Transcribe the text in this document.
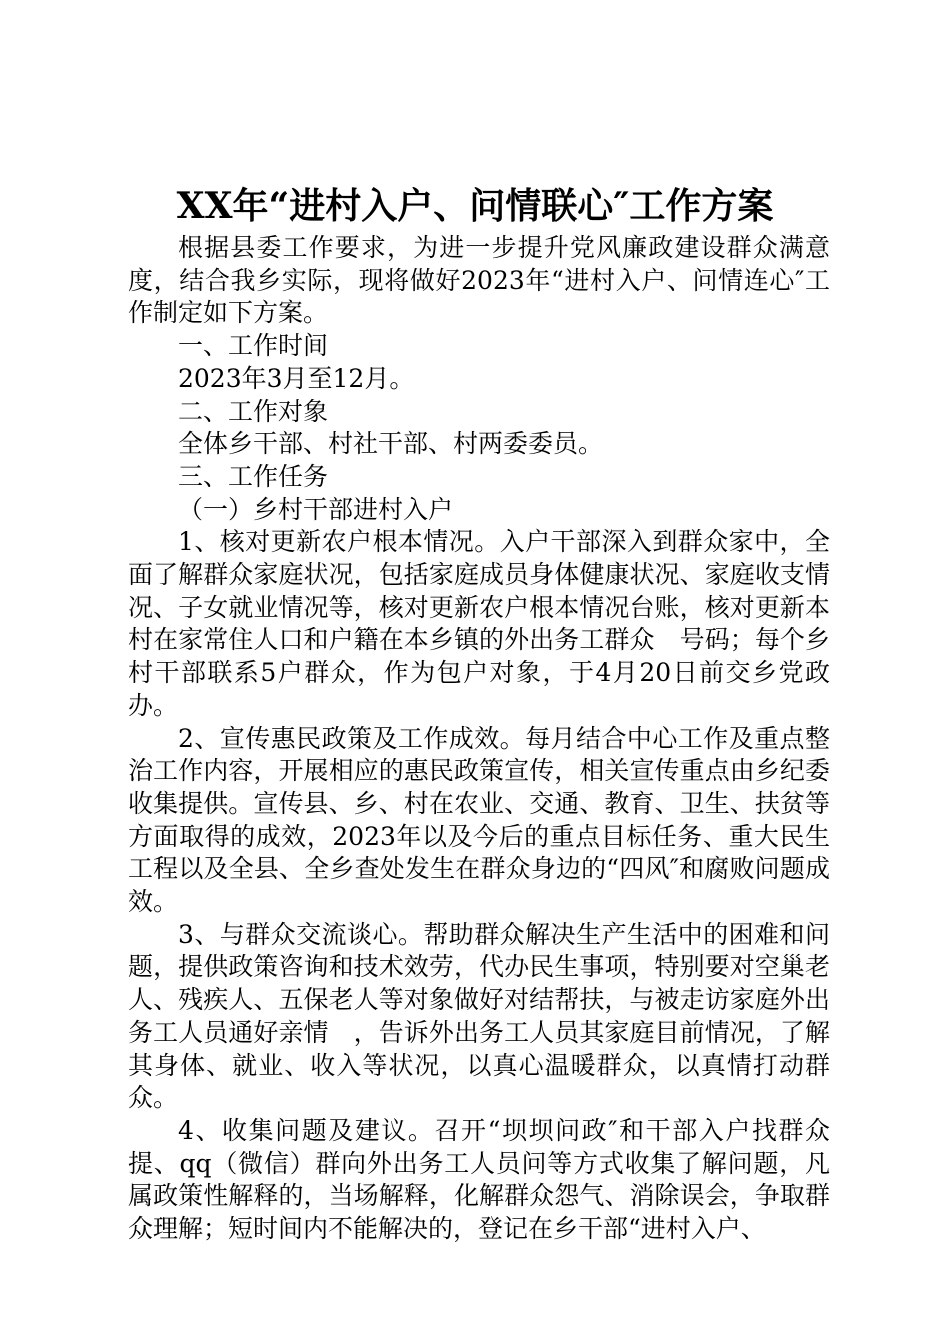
XX年“进村入户、问情联心″工作方案

根据县委工作要求，为进一步提升党风廉政建设群众满意度，结合我乡实际，现将做好2023年“进村入户、问情连心″工作制定如下方案。

一、工作时间

2023年3月至12月。

二、工作对象

全体乡干部、村社干部、村两委委员。

三、工作任务

（一）乡村干部进村入户

1、核对更新农户根本情况。入户干部深入到群众家中，全面了解群众家庭状况，包括家庭成员身体健康状况、家庭收支情况、子女就业情况等，核对更新农户根本情况台账，核对更新本村在家常住人口和户籍在本乡镇的外出务工群众　号码；每个乡村干部联系5户群众，作为包户对象，于4月20日前交乡党政办。

2、宣传惠民政策及工作成效。每月结合中心工作及重点整治工作内容，开展相应的惠民政策宣传，相关宣传重点由乡纪委收集提供。宣传县、乡、村在农业、交通、教育、卫生、扶贫等方面取得的成效，2023年以及今后的重点目标任务、重大民生工程以及全县、全乡查处发生在群众身边的“四风″和腐败问题成效。

3、与群众交流谈心。帮助群众解决生产生活中的困难和问题，提供政策咨询和技术效劳，代办民生事项，特别要对空巢老人、残疾人、五保老人等对象做好对结帮扶，与被走访家庭外出务工人员通好亲情　，告诉外出务工人员其家庭目前情况，了解其身体、就业、收入等状况，以真心温暖群众，以真情打动群众。

4、收集问题及建议。召开“坝坝问政″和干部入户找群众提、qq（微信）群向外出务工人员问等方式收集了解问题，凡属政策性解释的，当场解释，化解群众怨气、消除误会，争取群众理解；短时间内不能解决的，登记在乡干部“进村入户、
